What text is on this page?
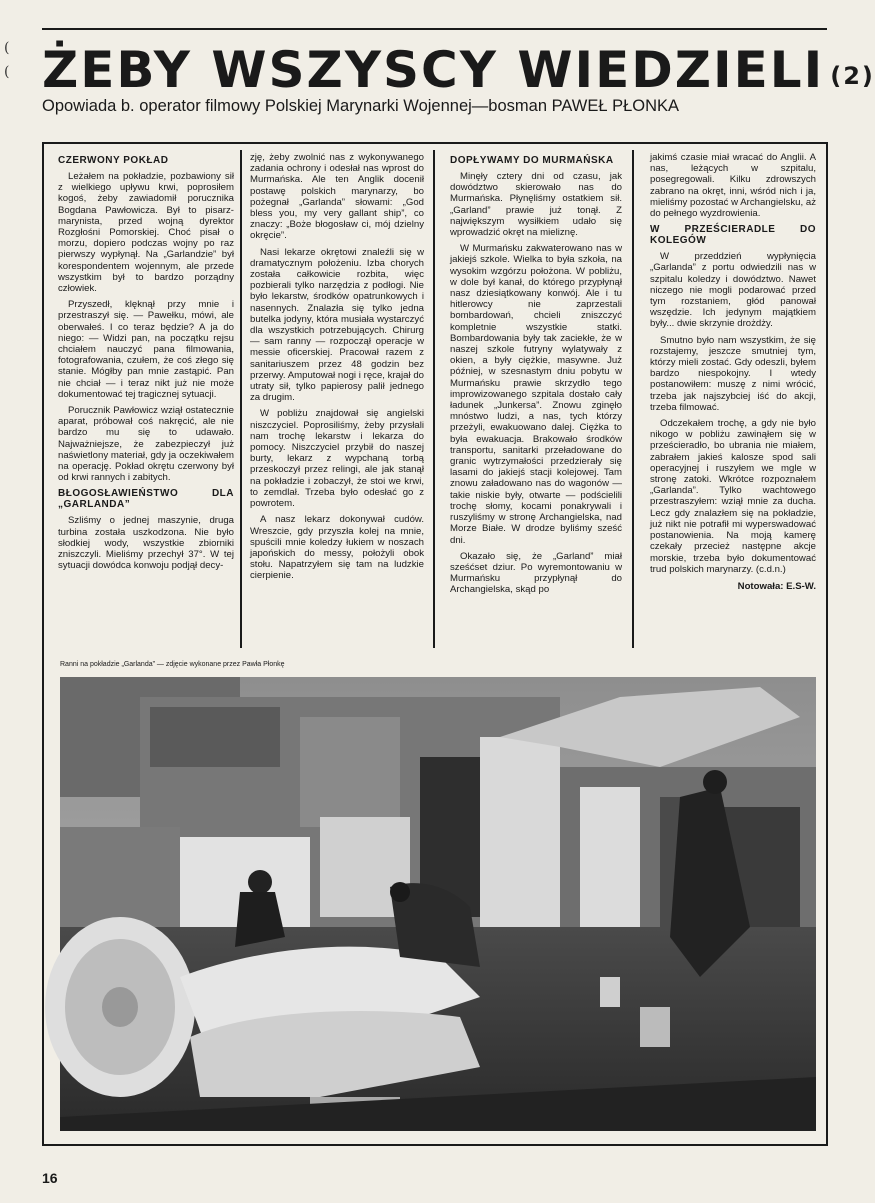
(
( ŻEBY WSZYSCY WIEDZIELI $^{(2)}$
Opowiada b. operator filmowy Polskiej Marynarki Wojennej—bosman PAWEŁ PŁONKA
CZERWONY POKŁAD

Leżałem na pokładzie, pozbawiony sił z wielkiego upływu krwi, poprosiłem kogoś, żeby zawiadomił porucznika Bogdana Pawłowicza. Był to pisarz-marynista, przed wojną dyrektor Rozgłośni Pomorskiej. Choć pisał o morzu, dopiero podczas wojny po raz pierwszy wypłynął. Na „Garlandzie” był korespondentem wojennym, ale przede wszystkim był to bardzo porządny człowiek.

Przyszedł, klęknął przy mnie i przestraszył się. — Pawełku, mówi, ale oberwałeś. I co teraz będzie? A ja do niego: — Widzi pan, na początku rejsu chciałem nauczyć pana filmowania, fotografowania, czułem, że coś złego się stanie. Mógłby pan mnie zastąpić. Pan nie chciał — i teraz nikt już nie może dokumentować tej tragicznej sytuacji.

Porucznik Pawłowicz wziął ostatecznie aparat, próbował coś nakręcić, ale nie bardzo mu się to udawało. Najważniejsze, że zabezpieczył już naświetlony materiał, gdy ja oczekiwałem na operację. Pokład okrętu czerwony był od krwi rannych i zabitych.

BŁOGOSŁAWIEŃSTWO DLA „GARLANDA”

Szliśmy o jednej maszynie, druga turbina została uszkodzona. Nie było słodkiej wody, wszystkie zbiorniki zniszczyli. Mieliśmy przechył 37°. W tej sytuacji dowódca konwoju podjął decy-

zję, żeby zwolnić nas z wykonywanego zadania ochrony i odesłał nas wprost do Murmańska. Ale ten Anglik docenił postawę polskich marynarzy, bo pożegnał „Garlanda” słowami: „God bless you, my very gallant ship”, co znaczy: „Boże błogosław ci, mój dzielny okręcie”.

Nasi lekarze okrętowi znaleźli się w dramatycznym położeniu. Izba chorych została całkowicie rozbita, więc pozbierali tylko narzędzia z podłogi. Nie było lekarstw, środków opatrunkowych i nasennych. Znalazła się tylko jedna butelka jodyny, która musiała wystarczyć dla wszystkich potrzebujących. Chirurg — sam ranny — rozpoczął operacje w messie oficerskiej. Pracował razem z sanitariuszem przez 48 godzin bez przerwy. Amputował nogi i ręce, krajał do utraty sił, tylko papierosy palił jednego za drugim.

W pobliżu znajdował się angielski niszczyciel. Poprosiliśmy, żeby przysłali nam trochę lekarstw i lekarza do pomocy. Niszczyciel przybił do naszej burty, lekarz z wypchaną torbą przeskoczył przez relingi, ale jak stanął na pokładzie i zobaczył, że stoi we krwi, to zemdlał. Trzeba było odesłać go z powrotem.

A nasz lekarz dokonywał cudów. Wreszcie, gdy przyszła kolej na mnie, spuścili mnie koledzy łukiem w noszach japońskich do messy, położyli obok stołu. Napatrzyłem się tam na ludzkie cierpienie.

DOPŁYWAMY DO MURMAŃSKA

Minęły cztery dni od czasu, jak dowództwo skierowało nas do Murmańska. Płynęliśmy ostatkiem sił. „Garland” prawie już tonął. Z największym wysiłkiem udało się wprowadzić okręt na mieliznę.

W Murmańsku zakwaterowano nas w jakiejś szkole. Wielka to była szkoła, na wysokim wzgórzu położona. W pobliżu, w dole był kanał, do którego przypłynął nasz dziesiątkowany konwój. Ale i tu hitlerowcy nie zaprzestali bombardowań, chcieli zniszczyć kompletnie wszystkie statki. Bombardowania były tak zaciekłe, że w naszej szkole futryny wylatywały z okien, a były ciężkie, masywne. Już później, w szesnastym dniu pobytu w Murmańsku prawie skrzydło tego improwizowanego szpitala dostało cały ładunek „Junkersa”. Znowu zginęło mnóstwo ludzi, a nas, tych którzy przeżyli, ewakuowano dalej. Ciężka to była ewakuacja. Brakowało środków transportu, sanitarki przeładowane do granic wytrzymałości przedzierały się lasami do jakiejś stacji kolejowej. Tam znowu załadowano nas do wagonów — takie niskie były, otwarte — podścielili trochę słomy, kocami ponakrywali i ruszyliśmy w stronę Archangielska, nad Morze Białe. W drodze byliśmy sześć dni.

Okazało się, że „Garland” miał sześćset dziur. Po wyremontowaniu w Murmańsku przypłynął do Archangielska, skąd po

jakimś czasie miał wracać do Anglii. A nas, leżących w szpitalu, posegregowali. Kilku zdrowszych zabrano na okręt, inni, wśród nich i ja, mieliśmy pozostać w Archangielsku, aż do pełnego wyzdrowienia.

W PRZEŚCIERADLE DO KOLEGÓW

W przeddzień wypłynięcia „Garlanda” z portu odwiedzili nas w szpitalu koledzy i dowództwo. Nawet niczego nie mogli podarować przed tym rozstaniem, głód panował wszędzie. Ich jedynym majątkiem były... dwie skrzynie drożdży.

Smutno było nam wszystkim, że się rozstajemy, jeszcze smutniej tym, którzy mieli zostać. Gdy odeszli, byłem bardzo niespokojny. I wtedy postanowiłem: muszę z nimi wrócić, trzeba jak najszybciej iść do akcji, trzeba filmować.

Odczekałem trochę, a gdy nie było nikogo w pobliżu zawinąłem się w prześcieradło, bo ubrania nie miałem, zabrałem jakieś kalosze spod sali operacyjnej i ruszyłem we mgle w stronę zatoki. Wkrótce rozpoznałem „Garlanda”. Tylko wachtowego przestraszyłem: wziął mnie za ducha. Lecz gdy znalazłem się na pokładzie, już nikt nie potrafił mi wyperswadować postanowienia. Na moją kamerę czekały przecież następne akcje morskie, trzeba było dokumentować trud polskich marynarzy. (c.d.n.)

Notowała: E.S-W.
Ranni na pokładzie „Garlanda” — zdjęcie wykonane przez Pawła Płonkę
16
